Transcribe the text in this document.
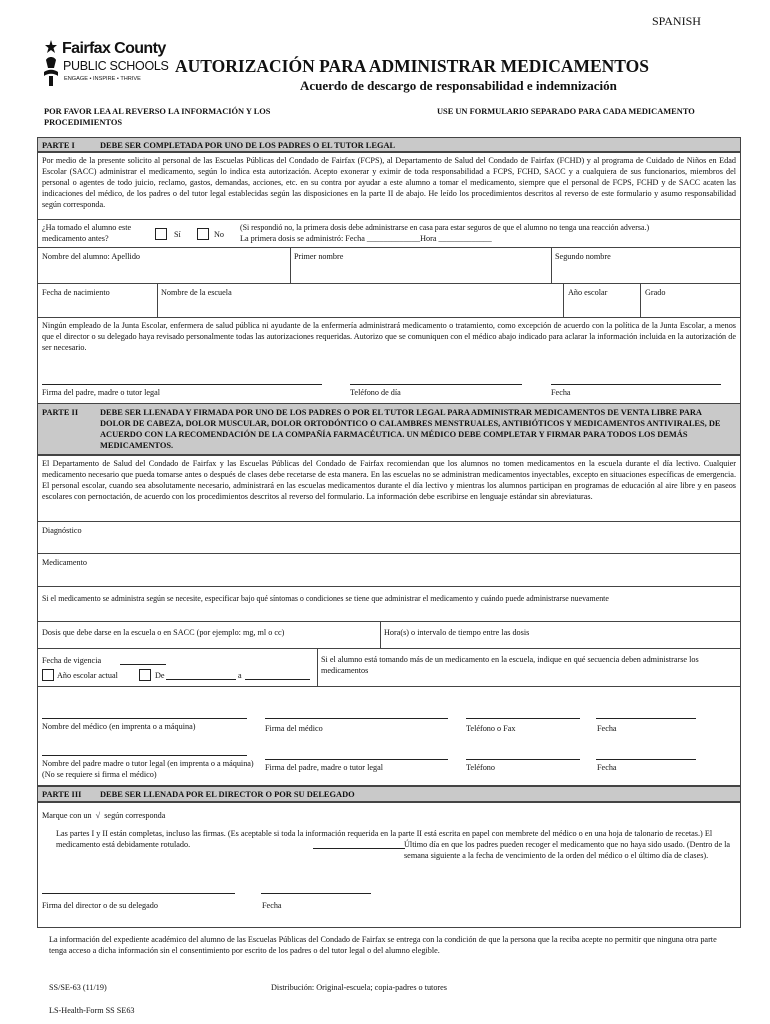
SPANISH
Fairfax County
PUBLIC SCHOOLS
ENGAGE • INSPIRE • THRIVE
AUTORIZACIÓN PARA ADMINISTRAR MEDICAMENTOS
Acuerdo de descargo de responsabilidad e indemnización
POR FAVOR LEA AL REVERSO LA INFORMACIÓN Y LOS PROCEDIMIENTOS
USE UN FORMULARIO SEPARADO PARA CADA MEDICAMENTO
PARTE I	DEBE SER COMPLETADA POR UNO DE LOS PADRES O EL TUTOR LEGAL
Por medio de la presente solicito al personal de las Escuelas Públicas del Condado de Fairfax (FCPS), al Departamento de Salud del Condado de Fairfax (FCHD) y al programa de Cuidado de Niños en Edad Escolar (SACC) administrar el medicamento, según lo indica esta autorización. Acepto exonerar y eximir de toda responsabilidad a FCPS, FCHD, SACC y a cualquiera de sus funcionarios, miembros del personal o agentes de todo juicio, reclamo, gastos, demandas, acciones, etc. en su contra por ayudar a este alumno a tomar el medicamento, siempre que el personal de FCPS, FCHD y de SACC acaten las indicaciones del médico, de los padres o del tutor legal establecidas según las disposiciones en la parte II de abajo. He leído los procedimientos descritos al reverso de este formulario y asumo responsabilidad según corresponda.
¿Ha tomado el alumno este medicamento antes?	Sí	No
(Si respondió no, la primera dosis debe administrarse en casa para estar seguros de que el alumno no tenga una reacción adversa.)
La primera dosis se administró: Fecha _____________Hora _____________
Nombre del alumno: Apellido	Primer nombre	Segundo nombre
Fecha de nacimiento	Nombre de la escuela	Año escolar	Grado
Ningún empleado de la Junta Escolar, enfermera de salud pública ni ayudante de la enfermería administrará medicamento o tratamiento, como excepción de acuerdo con la política de la Junta Escolar, a menos que el director o su delegado haya revisado personalmente todas las autorizaciones requeridas. Autorizo que se comuniquen con el médico abajo indicado para aclarar la información incluida en la autorización de ser necesario.
Firma del padre, madre o tutor legal	Teléfono de día	Fecha
PARTE II	DEBE SER LLENADA Y FIRMADA POR UNO DE LOS PADRES O POR EL TUTOR LEGAL PARA ADMINISTRAR MEDICAMENTOS DE VENTA LIBRE PARA DOLOR DE CABEZA, DOLOR MUSCULAR, DOLOR ORTODÓNTICO O CALAMBRES MENSTRUALES, ANTIBIÓTICOS Y MEDICAMENTOS ANTIVIRALES, DE ACUERDO CON LA RECOMENDACIÓN DE LA COMPAÑÍA FARMACÉUTICA. UN MÉDICO DEBE COMPLETAR Y FIRMAR PARA TODOS LOS DEMÁS MEDICAMENTOS.
El Departamento de Salud del Condado de Fairfax y las Escuelas Públicas del Condado de Fairfax recomiendan que los alumnos no tomen medicamentos en la escuela durante el día lectivo. Cualquier medicamento necesario que pueda tomarse antes o después de clases debe recetarse de esta manera. En las escuelas no se administran medicamentos inyectables, excepto en situaciones específicas de emergencia. El personal escolar, cuando sea absolutamente necesario, administrará en las escuelas medicamentos durante el día lectivo y mientras los alumnos participan en programas de educación al aire libre y en paseos escolares con pernoctación, de acuerdo con los procedimientos descritos al reverso del formulario. La información debe escribirse en lenguaje estándar sin abreviaturas.
Diagnóstico
Medicamento
Si el medicamento se administra según se necesite, especificar bajo qué síntomas o condiciones se tiene que administrar el medicamento y cuándo puede administrarse nuevamente
Dosis que debe darse en la escuela o en SACC (por ejemplo: mg, ml o cc)	Hora(s) o intervalo de tiempo entre las dosis
Fecha de vigencia
Año escolar actual	De	a
Si el alumno está tomando más de un medicamento en la escuela, indique en qué secuencia deben administrarse los medicamentos
Nombre del médico (en imprenta o a máquina)	Firma del médico	Teléfono o Fax	Fecha
Nombre del padre madre o tutor legal (en imprenta o a máquina) (No se requiere si firma el médico)
Firma del padre, madre o tutor legal	Teléfono	Fecha
PARTE III DEBE SER LLENADA POR EL DIRECTOR O POR SU DELEGADO
Marque con un  √  según corresponda
Las partes I y II están completas, incluso las firmas. (Es aceptable si toda la información requerida en la parte II está escrita en papel con membrete del médico o en una hoja de talonario de recetas.) El medicamento está debidamente rotulado.	Último día en que los padres pueden recoger el medicamento que no haya sido usado. (Dentro de la semana siguiente a la fecha de vencimiento de la orden del médico o el último día de clases).
Firma del director o de su delegado	Fecha
La información del expediente académico del alumno de las Escuelas Públicas del Condado de Fairfax se entrega con la condición de que la persona que la reciba acepte no permitir que ninguna otra parte tenga acceso a dicha información sin el consentimiento por escrito de los padres o del tutor legal o del alumno elegible.
SS/SE-63 (11/19)	Distribución: Original-escuela; copia-padres o tutores
LS-Health-Form SS SE63
